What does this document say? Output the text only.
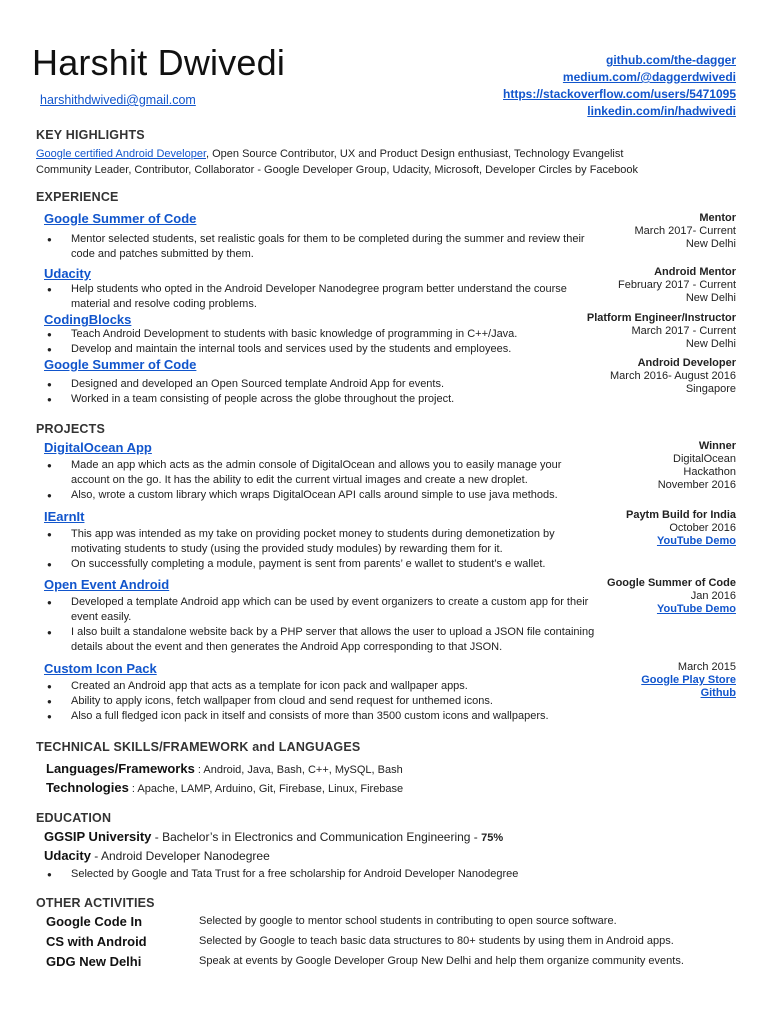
Harshit Dwivedi
harshithdwivedi@gmail.com
github.com/the-dagger
medium.com/@daggerdwivedi
https://stackoverflow.com/users/5471095
linkedin.com/in/hadwivedi
KEY HIGHLIGHTS
Google certified Android Developer, Open Source Contributor, UX and Product Design enthusiast, Technology Evangelist
Community Leader, Contributor, Collaborator - Google Developer Group, Udacity, Microsoft, Developer Circles by Facebook
EXPERIENCE
Google Summer of Code	Mentor
March 2017- Current
New Delhi
● Mentor selected students, set realistic goals for them to be completed during the summer and review their code and patches submitted by them.
Udacity	Android Mentor
February 2017 - Current
New Delhi
● Help students who opted in the Android Developer Nanodegree program better understand the course material and resolve coding problems.
CodingBlocks	Platform Engineer/Instructor
March 2017 - Current
New Delhi
● Teach Android Development to students with basic knowledge of programming in C++/Java.
● Develop and maintain the internal tools and services used by the students and employees.
Google Summer of Code	Android Developer
March 2016- August 2016
Singapore
● Designed and developed an Open Sourced template Android App for events.
● Worked in a team consisting of people across the globe throughout the project.
PROJECTS
DigitalOcean App	Winner
DigitalOcean
Hackathon
November 2016
● Made an app which acts as the admin console of DigitalOcean and allows you to easily manage your account on the go. It has the ability to edit the current virtual images and create a new droplet.
● Also, wrote a custom library which wraps DigitalOcean API calls around simple to use java methods.
IEarnIt	Paytm Build for India
October 2016
YouTube Demo
● This app was intended as my take on providing pocket money to students during demonetization by motivating students to study (using the provided study modules) by rewarding them for it.
● On successfully completing a module, payment is sent from parents’ e wallet to student’s e wallet.
Open Event Android	Google Summer of Code
Jan 2016
YouTube Demo
● Developed a template Android app which can be used by event organizers to create a custom app for their event easily.
● I also built a standalone website back by a PHP server that allows the user to upload a JSON file containing details about the event and then generates the Android App corresponding to that JSON.
Custom Icon Pack	March 2015
Google Play Store
Github
● Created an Android app that acts as a template for icon pack and wallpaper apps.
● Ability to apply icons, fetch wallpaper from cloud and send request for unthemed icons.
● Also a full fledged icon pack in itself and consists of more than 3500 custom icons and wallpapers.
TECHNICAL SKILLS/FRAMEWORK and LANGUAGES
Languages/Frameworks : Android, Java, Bash, C++, MySQL, Bash
Technologies : Apache, LAMP, Arduino, Git, Firebase, Linux, Firebase
EDUCATION
GGSIP University - Bachelor’s in Electronics and Communication Engineering - 75%
Udacity - Android Developer Nanodegree
● Selected by Google and Tata Trust for a free scholarship for Android Developer Nanodegree
OTHER ACTIVITIES
Google Code In	Selected by google to mentor school students in contributing to open source software.
CS with Android	Selected by Google to teach basic data structures to 80+ students by using them in Android apps.
GDG New Delhi	Speak at events by Google Developer Group New Delhi and help them organize community events.
